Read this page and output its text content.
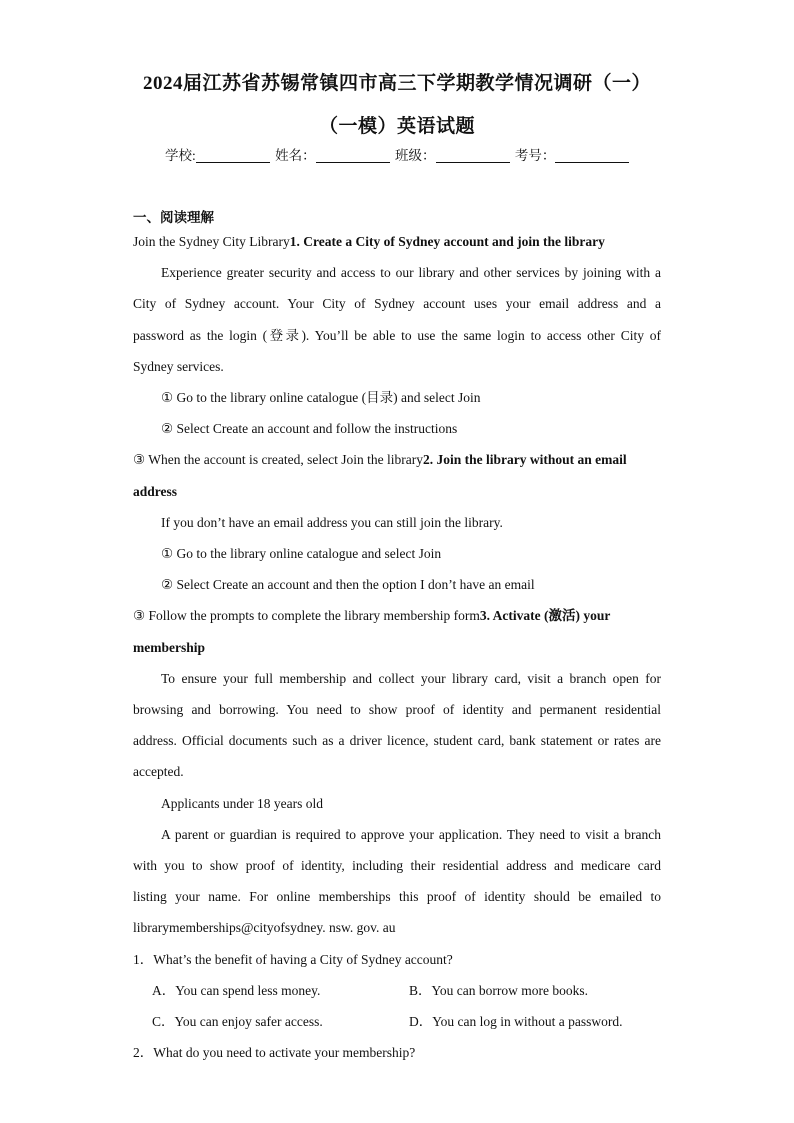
2024届江苏省苏锡常镇四市高三下学期教学情况调研（一）
（一模）英语试题
学校:	姓名：	班级：	考号：
一、阅读理解
Join the Sydney City Library1. Create a City of Sydney account and join the library
Experience greater security and access to our library and other services by joining with a
City of Sydney account. Your City of Sydney account uses your email address and a
password as the login (登录). You’ll be able to use the same login to access other City of
Sydney services.
① Go to the library online catalogue (目录) and select Join
② Select Create an account and follow the instructions
③ When the account is created, select Join the library2. Join the library without an email
address
If you don’t have an email address you can still join the library.
① Go to the library online catalogue and select Join
② Select Create an account and then the option I don’t have an email
③ Follow the prompts to complete the library membership form3. Activate (激活) your
membership
To ensure your full membership and collect your library card, visit a branch open for
browsing and borrowing. You need to show proof of identity and permanent residential
address. Official documents such as a driver licence, student card, bank statement or rates are
accepted.
Applicants under 18 years old
A parent or guardian is required to approve your application. They need to visit a branch
with you to show proof of identity, including their residential address and medicare card
listing your name. For online memberships this proof of identity should be emailed to
librarymemberships@cityofsydney. nsw. gov. au
1．What’s the benefit of having a City of Sydney account?
A．You can spend less money.	B．You can borrow more books.
C．You can enjoy safer access.	D．You can log in without a password.
2．What do you need to activate your membership?
